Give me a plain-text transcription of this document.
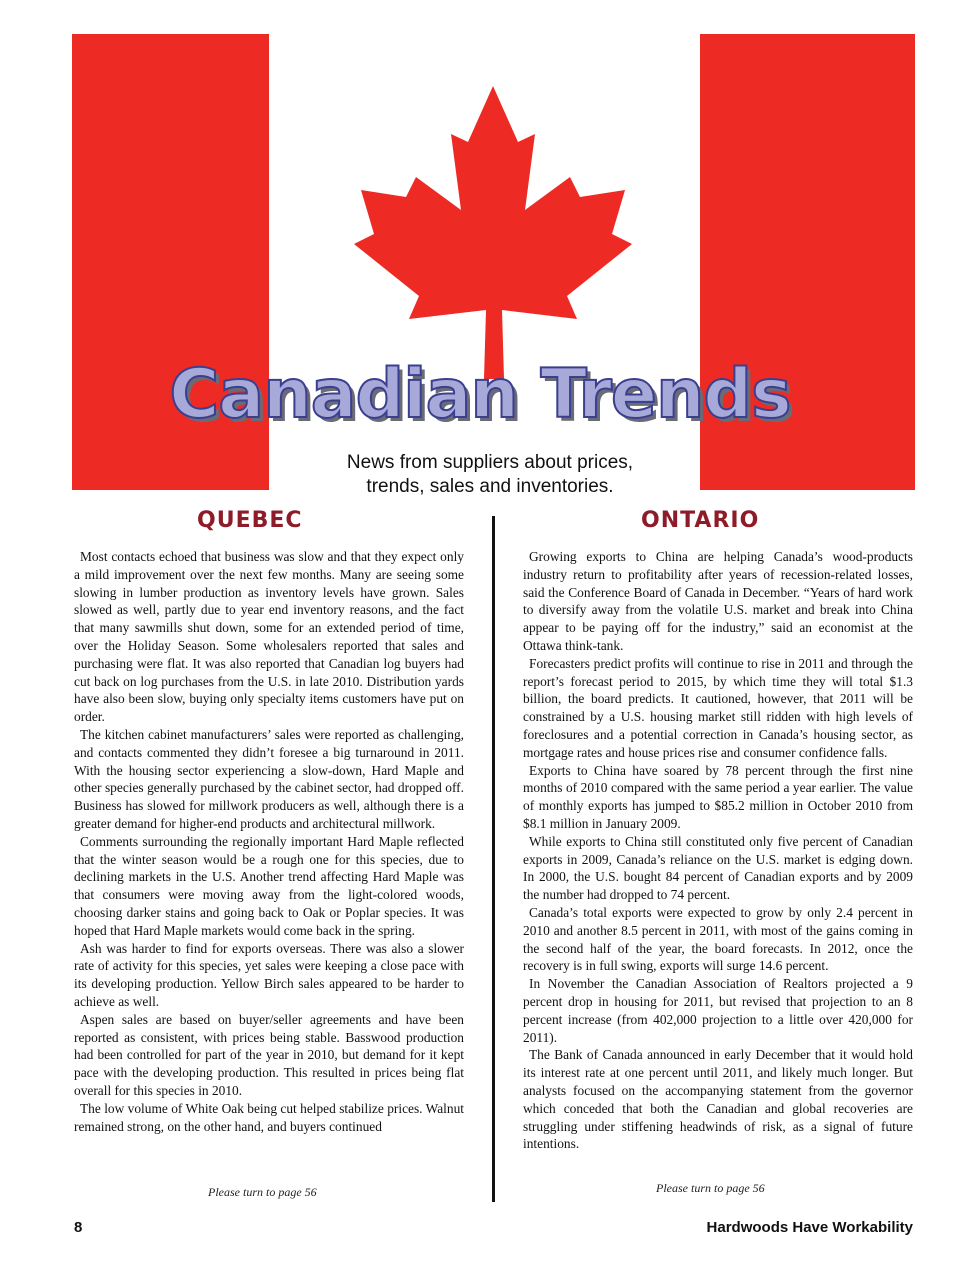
Canadian Trends
News from suppliers about prices,
trends, sales and inventories.
QUEBEC	ONTARIO

Most contacts echoed that business was slow and that they expect only a mild improvement over the next few months. Many are seeing some slowing in lumber production as inventory levels have grown. Sales slowed as well, partly due to year end inventory reasons, and the fact that many sawmills shut down, some for an extended period of time, over the Holiday Season. Some wholesalers reported that sales and purchasing were flat. It was also reported that Canadian log buyers had cut back on log purchases from the U.S. in late 2010. Distribution yards have also been slow, buying only specialty items customers have put on order.

The kitchen cabinet manufacturers’ sales were reported as challenging, and contacts commented they didn’t foresee a big turnaround in 2011. With the housing sector experiencing a slow-down, Hard Maple and other species generally purchased by the cabinet sector, had dropped off. Business has slowed for millwork producers as well, although there is a greater demand for higher-end products and architectural millwork.

Comments surrounding the regionally important Hard Maple reflected that the winter season would be a rough one for this species, due to declining markets in the U.S. Another trend affecting Hard Maple was that consumers were moving away from the light-colored woods, choosing darker stains and going back to Oak or Poplar species. It was hoped that Hard Maple markets would come back in the spring.

Ash was harder to find for exports overseas. There was also a slower rate of activity for this species, yet sales were keeping a close pace with its developing production. Yellow Birch sales appeared to be harder to achieve as well.

Aspen sales are based on buyer/seller agreements and have been reported as consistent, with prices being stable. Basswood production had been controlled for part of the year in 2010, but demand for it kept pace with the developing production. This resulted in prices being flat overall for this species in 2010.

The low volume of White Oak being cut helped stabilize prices. Walnut remained strong, on the other hand, and buyers continued

Growing exports to China are helping Canada’s wood-products industry return to profitability after years of recession-related losses, said the Conference Board of Canada in December. “Years of hard work to diversify away from the volatile U.S. market and break into China appear to be paying off for the industry,” said an economist at the Ottawa think-tank.

Forecasters predict profits will continue to rise in 2011 and through the report’s forecast period to 2015, by which time they will total $1.3 billion, the board predicts. It cautioned, however, that 2011 will be constrained by a U.S. housing market still ridden with high levels of foreclosures and a potential correction in Canada’s housing sector, as mortgage rates and house prices rise and consumer confidence falls.

Exports to China have soared by 78 percent through the first nine months of 2010 compared with the same period a year earlier. The value of monthly exports has jumped to $85.2 million in October 2010 from $8.1 million in January 2009.

While exports to China still constituted only five percent of Canadian exports in 2009, Canada’s reliance on the U.S. market is edging down. In 2000, the U.S. bought 84 percent of Canadian exports and by 2009 the number had dropped to 74 percent.

Canada’s total exports were expected to grow by only 2.4 percent in 2010 and another 8.5 percent in 2011, with most of the gains coming in the second half of the year, the board forecasts. In 2012, once the recovery is in full swing, exports will surge 14.6 percent.

In November the Canadian Association of Realtors projected a 9 percent drop in housing for 2011, but revised that projection to an 8 percent increase (from 402,000 projection to a little over 420,000 for 2011).

The Bank of Canada announced in early December that it would hold its interest rate at one percent until 2011, and likely much longer. But analysts focused on the accompanying statement from the governor which conceded that both the Canadian and global recoveries are struggling under stiffening headwinds of risk, as a signal of future intentions.

Please turn to page 56	Please turn to page 56
8	Hardwoods Have Workability
